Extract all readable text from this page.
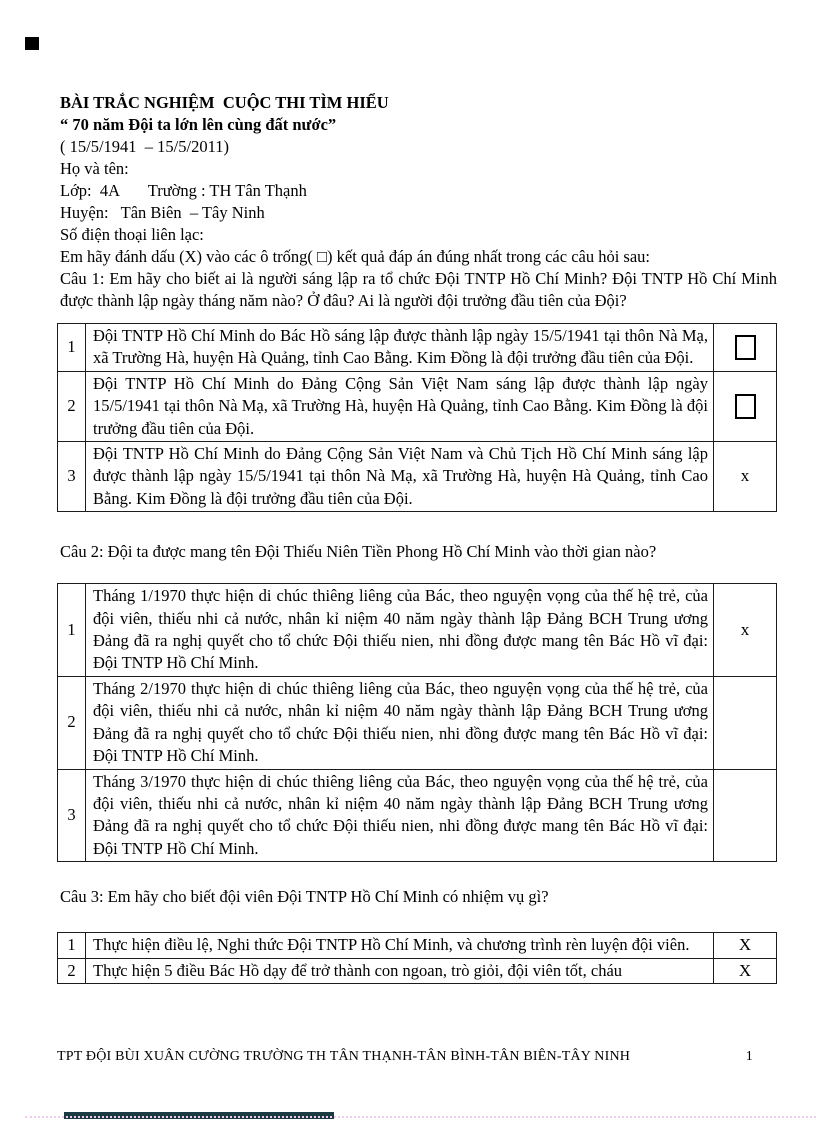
BÀI TRẮC NGHIỆM  CUỘC THI TÌM HIỂU

“ 70 năm Đội ta lớn lên cùng đất nước”

( 15/5/1941  – 15/5/2011)

Họ và tên:

Lớp:  4A       Trường : TH Tân Thạnh

Huyện:   Tân Biên  – Tây Ninh

Số điện thoại liên lạc:

Em hãy đánh dấu (X) vào các ô trống( □) kết quả đáp án đúng nhất trong các câu hỏi sau:

Câu 1: Em hãy cho biết ai là người sáng lập ra tổ chức Đội TNTP Hồ Chí Minh? Đội TNTP Hồ Chí Minh được thành lập ngày tháng năm nào? Ở đâu? Ai là người đội trưởng đầu tiên của Đội?

1	Đội TNTP Hồ Chí Minh do Bác Hồ sáng lập được thành lập ngày 15/5/1941 tại thôn Nà Mạ, xã Trường Hà, huyện Hà Quảng, tỉnh Cao Bằng. Kim Đồng là đội trưởng đầu tiên của Đội.	
2	Đội TNTP Hồ Chí Minh do Đảng Cộng Sản Việt Nam sáng lập được thành lập ngày 15/5/1941 tại thôn Nà Mạ, xã Trường Hà, huyện Hà Quảng, tỉnh Cao Bằng. Kim Đồng là đội trưởng đầu tiên của Đội.	
3	Đội TNTP Hồ Chí Minh do Đảng Cộng Sản Việt Nam và Chủ Tịch Hồ Chí Minh sáng lập được thành lập ngày 15/5/1941 tại thôn Nà Mạ, xã Trường Hà, huyện Hà Quảng, tỉnh Cao Bằng. Kim Đồng là đội trưởng đầu tiên của Đội.	x

Câu 2: Đội ta được mang tên Đội Thiếu Niên Tiền Phong Hồ Chí Minh vào thời gian nào?

1	Tháng 1/1970 thực hiện di chúc thiêng liêng của Bác, theo nguyện vọng của thế hệ trẻ, của đội viên, thiếu nhi cả nước, nhân kỉ niệm 40 năm ngày thành lập Đảng BCH Trung ương Đảng đã ra nghị quyết cho tổ chức Đội thiếu nien, nhi đồng được mang tên Bác Hồ vĩ đại: Đội TNTP Hồ Chí Minh.	x
2	Tháng 2/1970 thực hiện di chúc thiêng liêng của Bác, theo nguyện vọng của thế hệ trẻ, của đội viên, thiếu nhi cả nước, nhân kỉ niệm 40 năm ngày thành lập Đảng BCH Trung ương Đảng đã ra nghị quyết cho tổ chức Đội thiếu nien, nhi đồng được mang tên Bác Hồ vĩ đại: Đội TNTP Hồ Chí Minh.	
3	Tháng 3/1970 thực hiện di chúc thiêng liêng của Bác, theo nguyện vọng của thế hệ trẻ, của đội viên, thiếu nhi cả nước, nhân kỉ niệm 40 năm ngày thành lập Đảng BCH Trung ương Đảng đã ra nghị quyết cho tổ chức Đội thiếu nien, nhi đồng được mang tên Bác Hồ vĩ đại: Đội TNTP Hồ Chí Minh.	

Câu 3: Em hãy cho biết đội viên Đội TNTP Hồ Chí Minh có nhiệm vụ gì?

1	Thực hiện điều lệ, Nghi thức Đội TNTP Hồ Chí Minh, và chương trình rèn luyện đội viên.	X
2	Thực hiện 5 điều Bác Hồ dạy để trở thành con ngoan, trò giỏi, đội viên tốt, cháu	X
TPT ĐỘI BÙI XUÂN CƯỜNG TRƯỜNG TH TÂN THẠNH-TÂN BÌNH-TÂN BIÊN-TÂY NINH	1
